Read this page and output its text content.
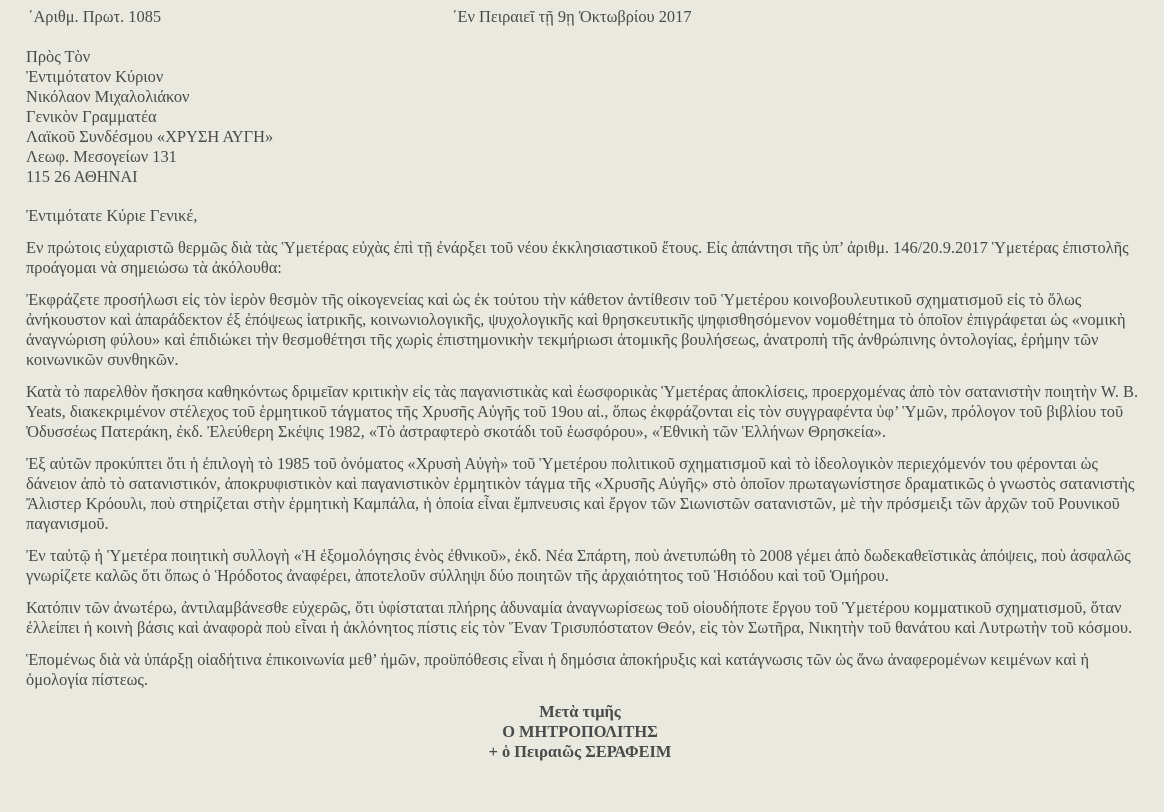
᾿Αριθμ. Πρωτ. 1085	᾿Εν Πειραιεῖ τῇ 9ῃ Ὀκτωβρίου 2017
Πρὸς Τὸν
Ἐντιμότατον Κύριον
Νικόλαον Μιχαλολιάκον
Γενικὸν Γραμματέα
Λαϊκοῦ Συνδέσμου «ΧΡΥΣΗ ΑΥΓΗ»
Λεωφ. Μεσογείων 131
115 26 ΑΘΗΝΑΙ
Ἐντιμότατε Κύριε Γενικέ,
Εν πρώτοις εὐχαριστῶ θερμῶς διὰ τὰς Ὑμετέρας εὐχὰς ἐπὶ τῇ ἐνάρξει τοῦ νέου ἐκκλησιαστικοῦ ἔτους. Εἰς ἀπάντησι τῆς ὑπ’ ἀριθμ. 146/20.9.2017 Ὑμετέρας ἐπιστολῆς προάγομαι νὰ σημειώσω τὰ ἀκόλουθα:
Ἐκφράζετε προσήλωσι εἰς τὸν ἱερὸν θεσμὸν τῆς οἰκογενείας καὶ ὡς ἐκ τούτου τὴν κάθετον ἀντίθεσιν τοῦ Ὑμετέρου κοινοβουλευτικοῦ σχηματισμοῦ εἰς τὸ ὅλως ἀνήκουστον καὶ ἀπαράδεκτον ἐξ ἐπόψεως ἰατρικῆς, κοινωνιολογικῆς, ψυχολογικῆς καὶ θρησκευτικῆς ψηφισθησόμενον νομοθέτημα τὸ ὁποῖον ἐπιγράφεται ὡς «νομικὴ ἀναγνώριση φύλου» καὶ ἐπιδιώκει τὴν θεσμοθέτησι τῆς χωρὶς ἐπιστημονικὴν τεκμήριωσι ἀτομικῆς βουλήσεως, ἀνατροπὴ τῆς ἀνθρώπινης ὀντολογίας, ἐρήμην τῶν κοινωνικῶν συνθηκῶν.
Κατὰ τὸ παρελθὸν ἤσκησα καθηκόντως δριμεῖαν κριτικὴν εἰς τὰς παγανιστικὰς καὶ ἑωσφορικὰς Ὑμετέρας ἀποκλίσεις, προερχομένας ἀπὸ τὸν σατανιστὴν ποιητὴν W. B. Yeats, διακεκριμένον στέλεχος τοῦ ἑρμητικοῦ τάγματος τῆς Χρυσῆς Αὐγῆς τοῦ 19ου αἰ., ὅπως ἐκφράζονται εἰς τὸν συγγραφέντα ὑφ’ Ὑμῶν, πρόλογον τοῦ βιβλίου τοῦ Ὀδυσσέως Πατεράκη, ἐκδ. Ἐλεύθερη Σκέψις 1982, «Τὸ ἀστραφτερὸ σκοτάδι τοῦ ἑωσφόρου», «Ἐθνικὴ τῶν Ἑλλήνων Θρησκεία».
Ἐξ αὐτῶν προκύπτει ὅτι ἡ ἐπιλογὴ τὸ 1985 τοῦ ὀνόματος «Χρυσὴ Αὐγὴ» τοῦ Ὑμετέρου πολιτικοῦ σχηματισμοῦ καὶ τὸ ἰδεολογικὸν περιεχόμενόν του φέρονται ὡς δάνειον ἀπὸ τὸ σατανιστικόν, ἀποκρυφιστικὸν καὶ παγανιστικὸν ἑρμητικὸν τάγμα τῆς «Χρυσῆς Αὐγῆς» στὸ ὁποῖον πρωταγωνίστησε δραματικῶς ὁ γνωστὸς σατανιστὴς Ἄλιστερ Κρόουλι, ποὺ στηρίζεται στὴν ἑρμητικὴ Καμπάλα, ἡ ὁποία εἶναι ἔμπνευσις καὶ ἔργον τῶν Σιωνιστῶν σατανιστῶν, μὲ τὴν πρόσμειξι τῶν ἀρχῶν τοῦ Ρουνικοῦ παγανισμοῦ.
Ἐν ταὐτῷ ἡ Ὑμετέρα ποιητικὴ συλλογὴ «Ἡ ἐξομολόγησις ἑνὸς ἐθνικοῦ», ἐκδ. Νέα Σπάρτη, ποὺ ἀνετυπώθη τὸ 2008 γέμει ἀπὸ δωδεκαθεϊστικὰς ἀπόψεις, ποὺ ἀσφαλῶς γνωρίζετε καλῶς ὅτι ὅπως ὁ Ἡρόδοτος ἀναφέρει, ἀποτελοῦν σύλληψι δύο ποιητῶν τῆς ἀρχαιότητος τοῦ Ἡσιόδου καὶ τοῦ Ὁμήρου.
Κατόπιν τῶν ἀνωτέρω, ἀντιλαμβάνεσθε εὐχερῶς, ὅτι ὑφίσταται πλήρης ἀδυναμία ἀναγνωρίσεως τοῦ οἱουδήποτε ἔργου τοῦ Ὑμετέρου κομματικοῦ σχηματισμοῦ, ὅταν ἐλλείπει ἡ κοινὴ βάσις καὶ ἀναφορὰ ποὺ εἶναι ἡ ἀκλόνητος πίστις εἰς τὸν Ἕναν Τρισυπόστατον Θεόν, εἰς τὸν Σωτῆρα, Νικητὴν τοῦ θανάτου καὶ Λυτρωτὴν τοῦ κόσμου.
Ἑπομένως διὰ νὰ ὑπάρξῃ οἱαδήτινα ἐπικοινωνία μεθ’ ἡμῶν, προϋπόθεσις εἶναι ἡ δημόσια ἀποκήρυξις καὶ κατάγνωσις τῶν ὡς ἄνω ἀναφερομένων κειμένων καὶ ἡ ὁμολογία πίστεως.
Μετὰ τιμῆς
Ο ΜΗΤΡΟΠΟΛΙΤΗΣ
+ ὁ Πειραιῶς ΣΕΡΑΦΕΙΜ
